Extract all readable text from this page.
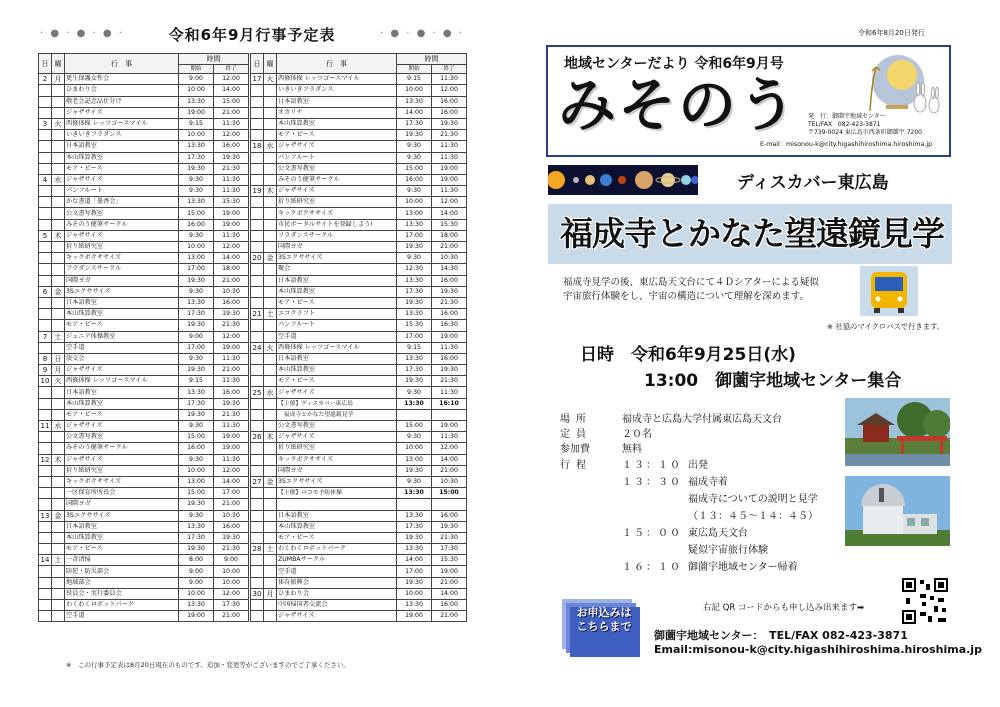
· ● · ● · ● ·	令和6年9月行事予定表	· ● · ● · ● ·
日	曜	行　事	時間	
			開始	終了
2	月	更生保護女性会	9:00	12:00
		ひまわり会	10:00	14:00
		敬老会記念品仕分け	13:30	15:00
		ジャザサイズ	19:00	21:00
3	火	西條体操 レッツゴースマイル	9:15	11:30
		いきいきフラダンス	10:00	12:00
		日本語教室	13:30	16:00
		本山珠算教室	17:30	19:30
		モア・ピース	19:30	21:30
4	水	ジャザサイズ	9:30	11:30
		パンフルート	9:30	11:30
		かな書道「墨香会」	13:30	15:30
		公文書写教室	15:00	19:00
		みそのう健筆サークル	16:00	19:00
5	木	ジャザサイズ	9:30	11:30
		折り紙研究室	10:00	12:00
		キックボクササイズ	13:00	14:00
		フラダンスサークル	17:00	18:00
		国際ヨガ	19:30	21:00
6	金	3Sエクササイズ	9:30	10:30
		日本語教室	13:30	16:00
		本山珠算教室	17:30	19:30
		モア・ピース	19:30	21:30
7	土	ジュニア体操教室	9:00	12:00
		空手道	17:00	19:00
8	日	淡交会	9:30	11:30
9	月	ジャザサイズ	19:30	21:00
10	火	西條体操 レッツゴースマイル	9:15	11:30
		日本語教室	13:30	16:00
		本山珠算教室	17:30	19:30
		モア・ピース	19:30	21:30
11	水	ジャザサイズ	9:30	11:30
		公文書写教室	15:00	19:00
		みそのう健筆サークル	16:00	19:00
12	木	ジャザサイズ	9:30	11:30
		折り紙研究室	10:00	12:00
		キックボクササイズ	13:00	14:00
		一区保育所所長会	15:00	17:00
		国際ヨガ	19:30	21:00
13	金	3Sエクササイズ	9:30	10:30
		日本語教室	13:30	16:00
		本山珠算教室	17:30	19:30
		モア・ピース	19:30	21:30
14	土	一斉清掃	8:00	9:00
		防犯・防災部会	9:00	10:00
		地域部会	9:00	10:00
		役員会・実行委員会	10:00	12:00
		わくわくロボットパーク	13:30	17:30
		空手道	19:00	21:00
日	曜	行　事	時間	
			開始	終了
17	火	西條体操 レッツゴースマイル	9:15	11:30
		いきいきフラダンス	10:00	12:00
		日本語教室	13:30	16:00
		オカリナ	14:00	16:00
		本山珠算教室	17:30	19:30
		モア・ピース	19:30	21:30
18	水	ジャザサイズ	9:30	11:30
		パンフルート	9:30	11:30
		公文書写教室	15:00	19:00
		みそのう健筆サークル	16:00	19:00
19	木	ジャザサイズ	9:30	11:30
		折り紙研究室	10:00	12:00
		キックボクササイズ	13:00	14:00
		市民ボータルサイトを登録しよう!	13:30	15:30
		フラダンスサークル	17:00	18:00
		国際ヨガ	19:30	21:00
20	金	3Sエクササイズ	9:30	10:30
		聚会	12:30	14:30
		日本語教室	13:30	16:00
		本山珠算教室	17:30	19:30
		モア・ピース	19:30	21:30
21	土	エコクラフト	13:30	16:00
		パンフルート	15:30	16:30
		空手道	17:00	19:00
24	火	西條体操 レッツゴースマイル	9:15	11:30
		日本語教室	13:30	16:00
		本山珠算教室	17:30	19:30
		モア・ピース	19:30	21:30
25	水	ジャザサイズ	9:30	11:30
		【主催】ディスカバー東広島	13:30	16:10
		　福成寺とかなた望遠鏡見学		
		公文書写教室	15:00	19:00
26	木	ジャザサイズ	9:30	11:30
		折り紙研究室	10:00	12:00
		キックボクササイズ	13:00	14:00
		国際ヨガ	19:30	21:00
27	金	3Sエクササイズ	9:30	10:30
		【主催】ロコモ予防体操	13:30	15:00

		日本語教室	13:30	16:00
		本山珠算教室	17:30	19:30
		モア・ピース	19:30	21:30
28	土	わくわくロボットパーク	13:30	17:30
		ZUMBAサークル	14:00	15:30
		空手道	17:00	19:00
		体育振興会	19:30	21:00
30	月	ひまわり会	10:00	14:00
		中国帰国者交流会	13:30	16:00
		ジャザサイズ	19:00	21:00
※　この行事予定表は8月20日現在のものです。追加・変更等がございますのでご了承ください。
令和6年8月20日発行
地域センターだより 令和6年9月号
みそのう 発　行：御薗宇地域センター
TEL/FAX　082-423-3871
〒739-0024 東広島市西条町御薗宇 7200
E-mail：misonou-k@city.higashihiroshima.hiroshima.jp
ディスカバー東広島
福成寺とかなた望遠鏡見学
福成寺見学の後、東広島天文台にて４Ｄシアターによる疑似
宇宙旅行体験をし、宇宙の構造について理解を深めます。
※ 社協のマイクロバスで行きます。
日時　令和6年9月25日(水)
13:00　御薗宇地域センター集合
場所	福成寺と広島大学付属東広島天文台
定員	２０名
参加費	無料
行程	１３：１０ 出発
１３：３０ 福成寺着
福成寺についての説明と見学
（１３：４５～１４：４５）
１５：００ 東広島天文台
疑似宇宙旅行体験
１６：１０ 御薗宇地域センター帰着
右記 QR コードからも申し込み出来ます➡
お申込みはこちらまで
御薗宇地域センター：　TEL/FAX 082-423-3871
Email:misonou-k@city.higashihiroshima.hiroshima.jp
